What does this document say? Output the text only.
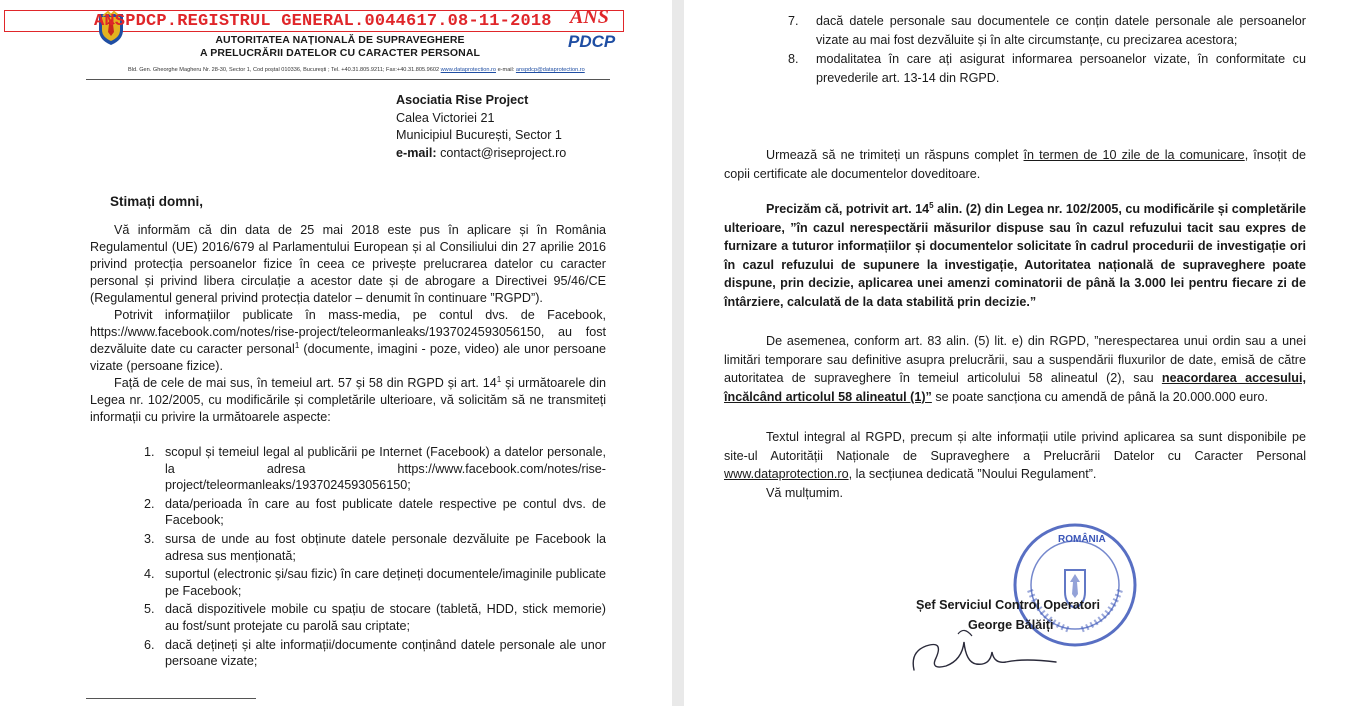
ANSPDCP.REGISTRUL GENERAL.0044617.08-11-2018 ANS
PDCP
AUTORITATEA NAȚIONALĂ DE SUPRAVEGHERE
A PRELUCRĂRII DATELOR CU CARACTER PERSONAL
Bld. Gen. Gheorghe Magheru Nr. 28-30, Sector 1, Cod poștal 010336, București ; Tel. +40.31.805.9211; Fax:+40.31.805.9602 www.dataprotection.ro e-mail: anspdcp@dataprotection.ro
Asociatia Rise Project
Calea Victoriei 21
Municipiul București, Sector 1
e-mail: contact@riseproject.ro
Stimați domni,
Vă informăm că din data de 25 mai 2018 este pus în aplicare și în România Regulamentul (UE) 2016/679 al Parlamentului European și al Consiliului din 27 aprilie 2016 privind protecția persoanelor fizice în ceea ce privește prelucrarea datelor cu caracter personal și privind libera circulație a acestor date și de abrogare a Directivei 95/46/CE (Regulamentul general privind protecția datelor – denumit în continuare ”RGPD”).
Potrivit informațiilor publicate în mass-media, pe contul dvs. de Facebook, https://www.facebook.com/notes/rise-project/teleormanleaks/1937024593056150, au fost dezvăluite date cu caracter personal$^1$ (documente, imagini - poze, video) ale unor persoane vizate (persoane fizice).
Față de cele de mai sus, în temeiul art. 57 și 58 din RGPD și art. $14^1$ și următoarele din Legea nr. 102/2005, cu modificările și completările ulterioare, vă solicităm să ne transmiteți informații cu privire la următoarele aspecte:
1. scopul și temeiul legal al publicării pe Internet (Facebook) a datelor personale, la adresa https://www.facebook.com/notes/rise-project/teleormanleaks/1937024593056150;
2. data/perioada în care au fost publicate datele respective pe contul dvs. de Facebook;
3. sursa de unde au fost obținute datele personale dezvăluite pe Facebook la adresa sus menționată;
4. suportul (electronic și/sau fizic) în care dețineți documentele/imaginile publicate pe Facebook;
5. dacă dispozitivele mobile cu spațiu de stocare (tabletă, HDD, stick memorie) au fost/sunt protejate cu parolă sau criptate;
6. dacă dețineți și alte informații/documente conținând datele personale ale unor persoane vizate;
7. dacă datele personale sau documentele ce conțin datele personale ale persoanelor vizate au mai fost dezvăluite și în alte circumstanțe, cu precizarea acestora;
8. modalitatea în care ați asigurat informarea persoanelor vizate, în conformitate cu prevederile art. 13-14 din RGPD.
Urmează să ne trimiteți un răspuns complet în termen de 10 zile de la comunicare, însoțit de copii certificate ale documentelor doveditoare.
Precizăm că, potrivit art. $14^5$ alin. (2) din Legea nr. 102/2005, cu modificările și completările ulterioare, ”în cazul nerespectării măsurilor dispuse sau în cazul refuzului tacit sau expres de furnizare a tuturor informațiilor și documentelor solicitate în cadrul procedurii de investigație ori în cazul refuzului de supunere la investigație, Autoritatea națională de supraveghere poate dispune, prin decizie, aplicarea unei amenzi cominatorii de până la 3.000 lei pentru fiecare zi de întârziere, calculată de la data stabilită prin decizie.”
De asemenea, conform art. 83 alin. (5) lit. e) din RGPD, ”nerespectarea unui ordin sau a unei limitări temporare sau definitive asupra prelucrării, sau a suspendării fluxurilor de date, emisă de către autoritatea de supraveghere în temeiul articolului 58 alineatul (2), sau neacordarea accesului, încălcând articolul 58 alineatul (1)” se poate sancționa cu amendă de până la 20.000.000 euro.
Textul integral al RGPD, precum și alte informații utile privind aplicarea sa sunt disponibile pe site-ul Autorității Naționale de Supraveghere a Prelucrării Datelor cu Caracter Personal www.dataprotection.ro, la secțiunea dedicată ”Noului Regulament”.
Vă mulțumim.
ROMÂNIA
Șef Serviciul Control Operatori
George Bălăiți
